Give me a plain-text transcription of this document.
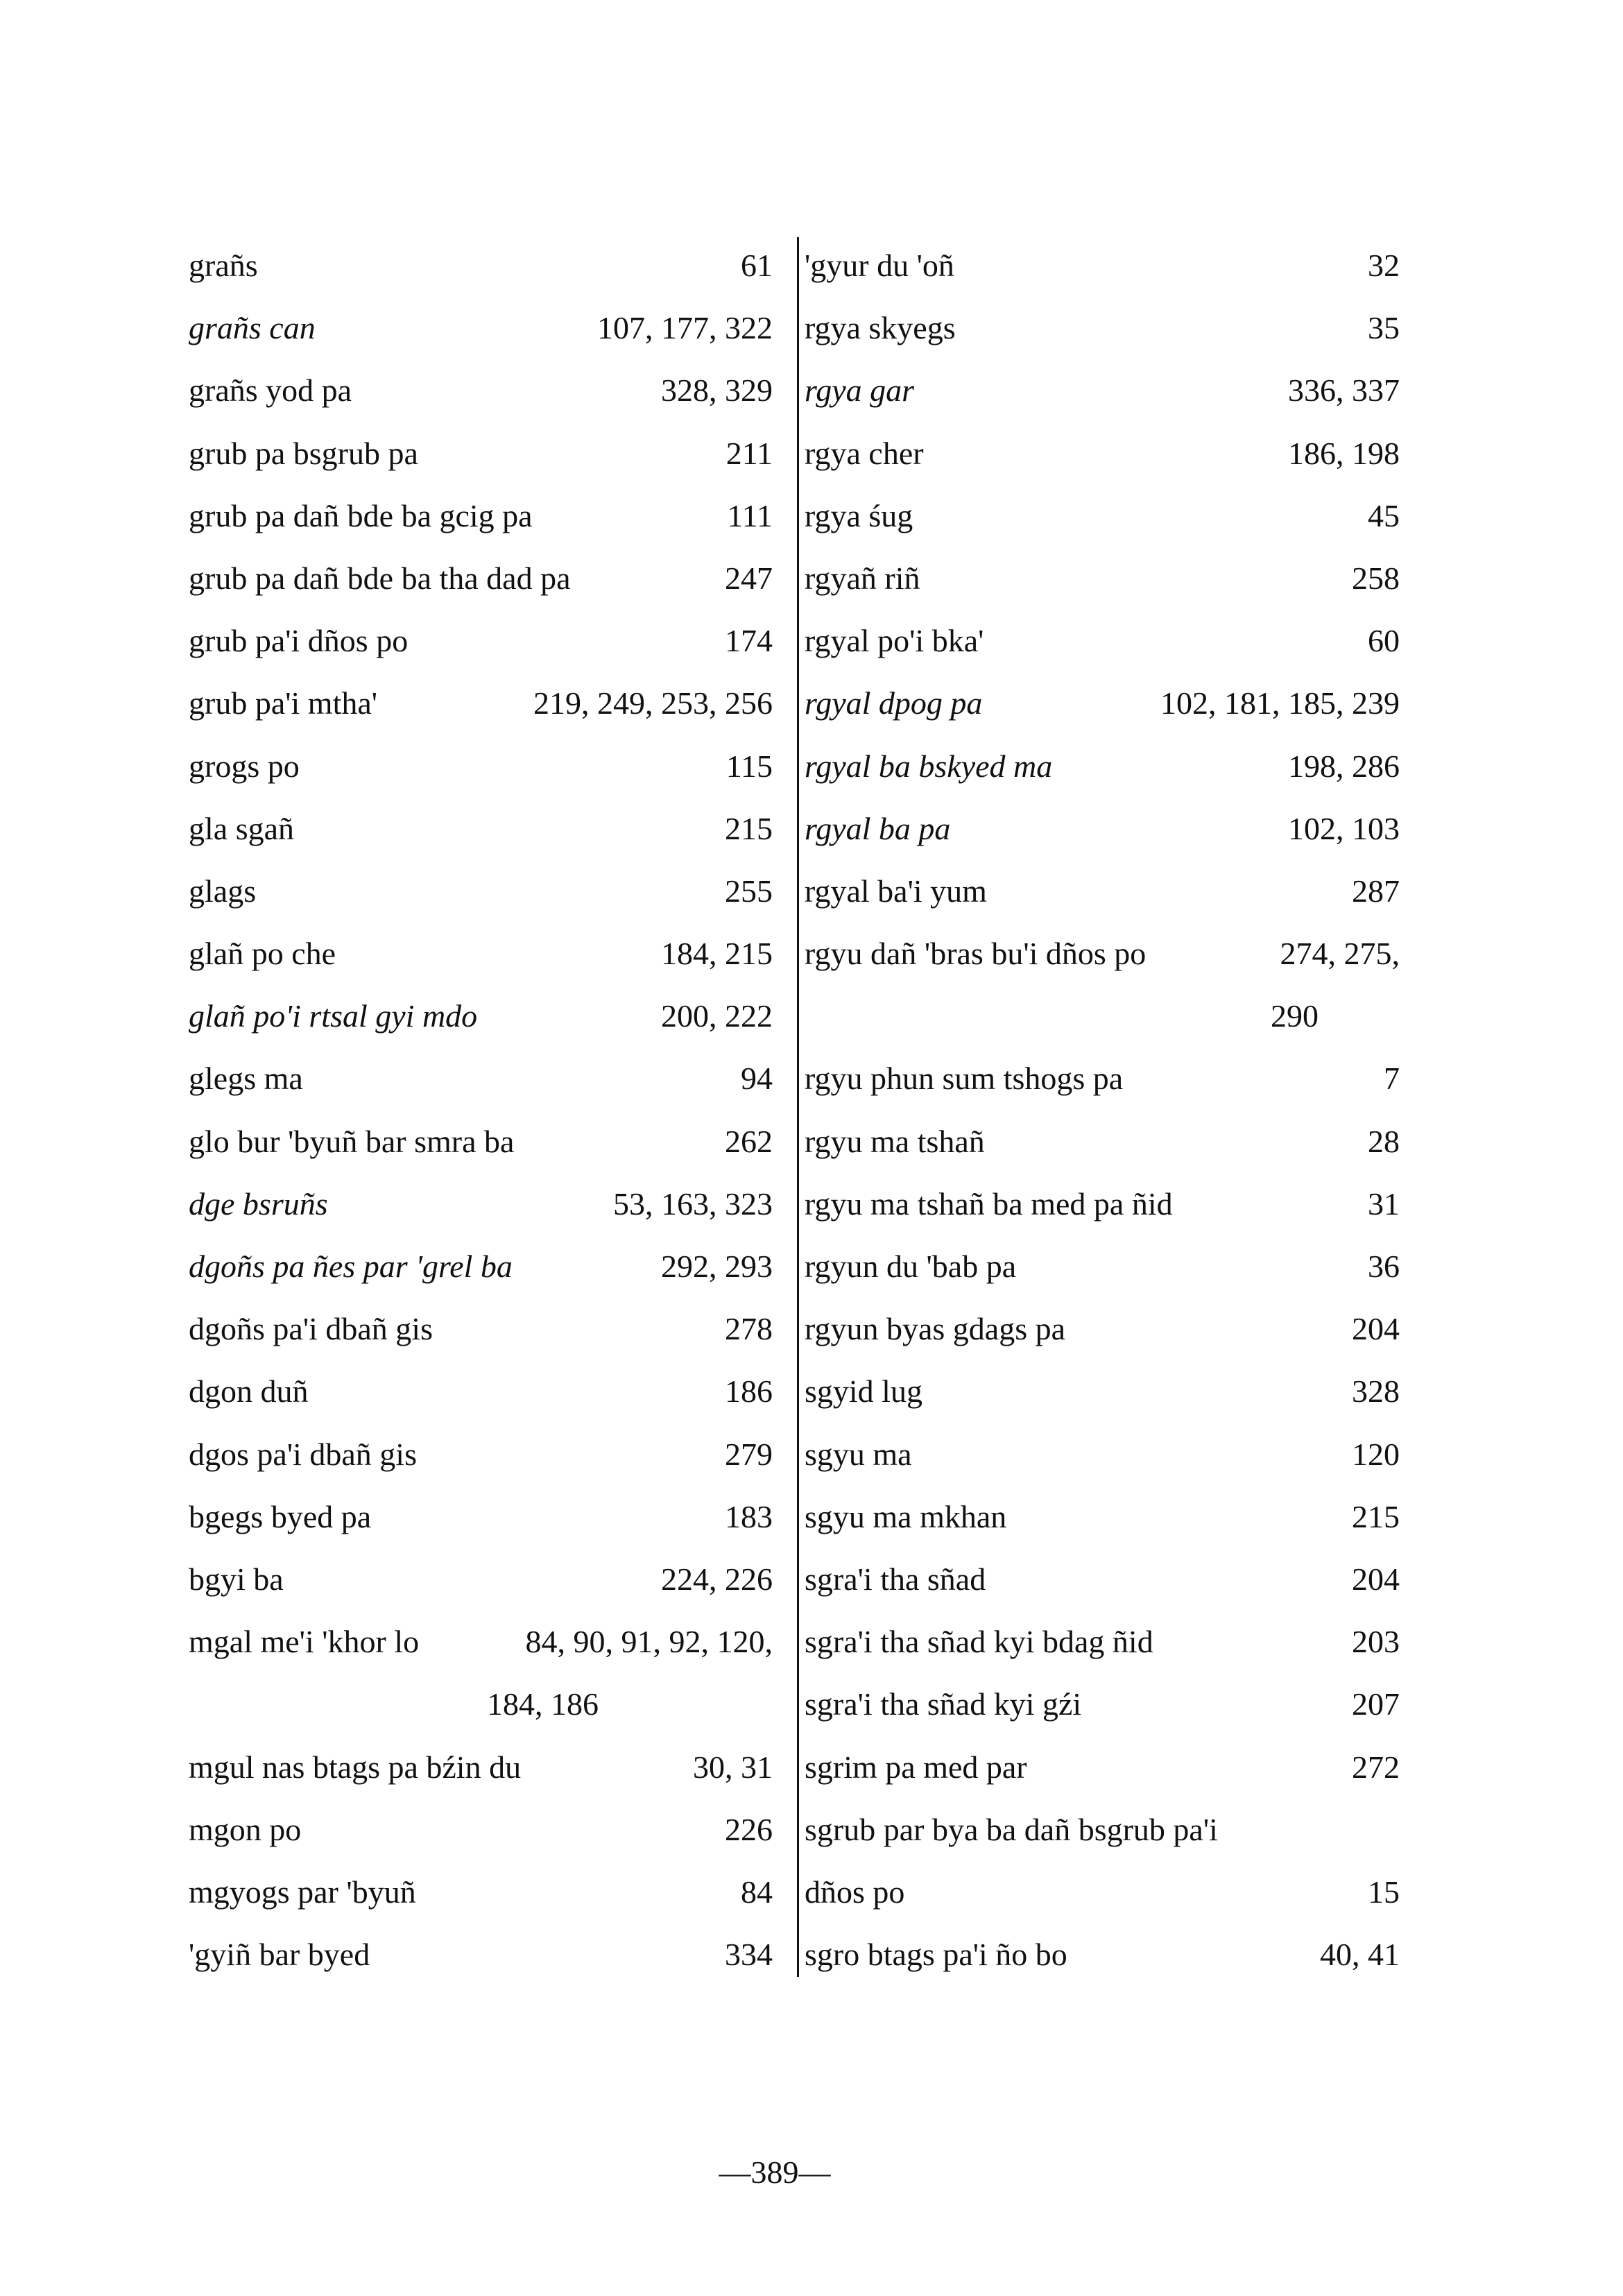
grañs	61
grañs can	107, 177, 322
grañs yod pa	328, 329
grub pa bsgrub pa	211
grub pa dañ bde ba gcig pa	111
grub pa dañ bde ba tha dad pa	247
grub pa'i dños po	174
grub pa'i mtha'	219, 249, 253, 256
grogs po	115
gla sgañ	215
glags	255
glañ po che	184, 215
glañ po'i rtsal gyi mdo	200, 222
glegs ma	94
glo bur 'byuñ bar smra ba	262
dge bsruñs	53, 163, 323
dgoñs pa ñes par 'grel ba	292, 293
dgoñs pa'i dbañ gis	278
dgon duñ	186
dgos pa'i dbañ gis	279
bgegs byed pa	183
bgyi ba	224, 226
mgal me'i 'khor lo	84, 90, 91, 92, 120,
184, 186
mgul nas btags pa bźin du	30, 31
mgon po	226
mgyogs par 'byuñ	84
'gyiñ bar byed	334
'gyur du 'oñ	32
rgya skyegs	35
rgya gar	336, 337
rgya cher	186, 198
rgya śug	45
rgyañ riñ	258
rgyal po'i bka'	60
rgyal dpog pa	102, 181, 185, 239
rgyal ba bskyed ma	198, 286
rgyal ba pa	102, 103
rgyal ba'i yum	287
rgyu dañ 'bras bu'i dños po	274, 275,
290
rgyu phun sum tshogs pa	7
rgyu ma tshañ	28
rgyu ma tshañ ba med pa ñid	31
rgyun du 'bab pa	36
rgyun byas gdags pa	204
sgyid lug	328
sgyu ma	120
sgyu ma mkhan	215
sgra'i tha sñad	204
sgra'i tha sñad kyi bdag ñid	203
sgra'i tha sñad kyi gźi	207
sgrim pa med par	272
sgrub par bya ba dañ bsgrub pa'i
dños po	15
sgro btags pa'i ño bo	40, 41
—389—
